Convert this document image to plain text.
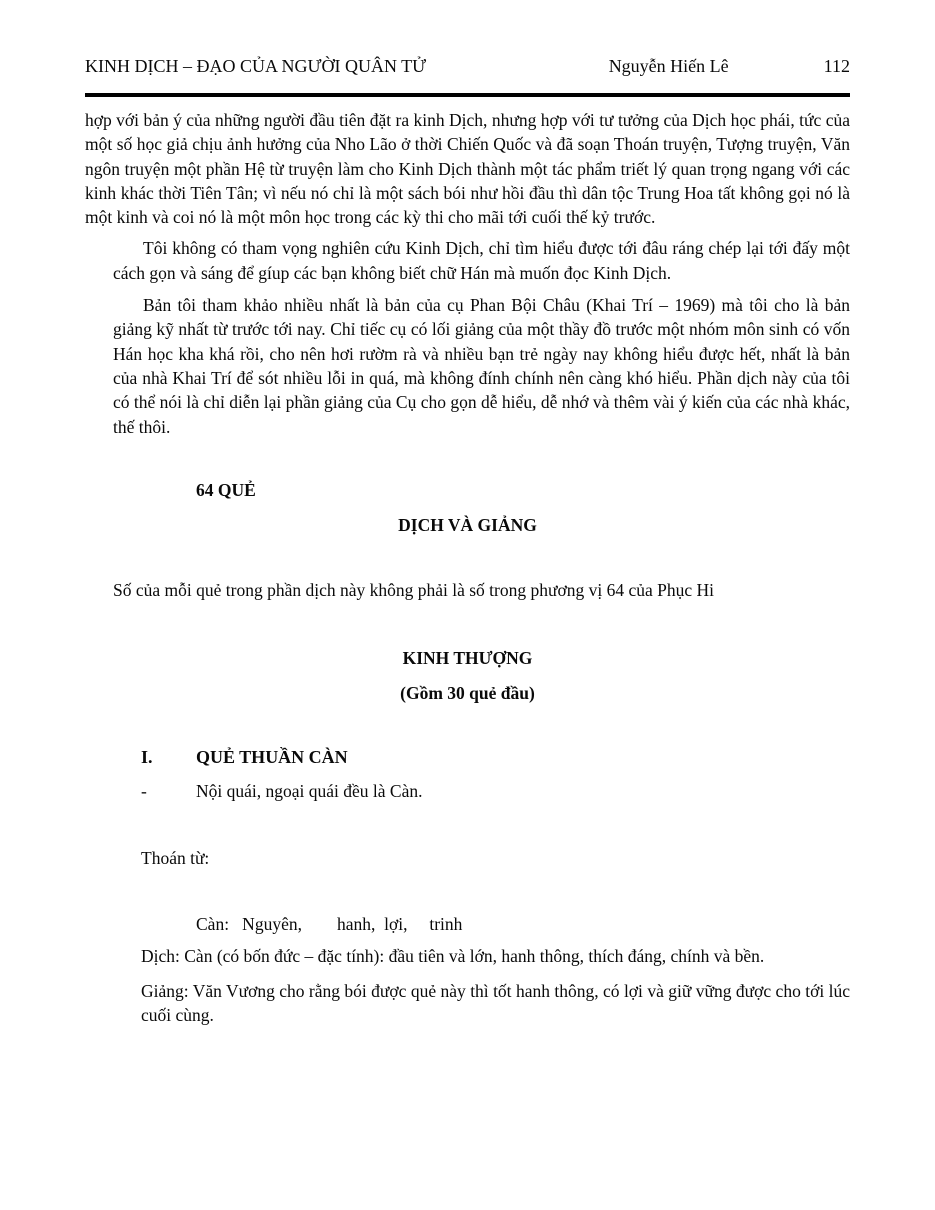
KINH DỊCH – ĐẠO CỦA NGƯỜI QUÂN TỬ	Nguyễn Hiến Lê	112

hợp với bản ý của những người đầu tiên đặt ra kinh Dịch, nhưng hợp với tư tưởng của Dịch học phái, tức của một số học giả chịu ảnh hưởng của Nho Lão ở thời Chiến Quốc và đã soạn Thoán truyện, Tượng truyện, Văn ngôn truyện một phần Hệ từ truyện làm cho Kinh Dịch thành một tác phẩm triết lý quan trọng ngang với các kinh khác thời Tiên Tân; vì nếu nó chỉ là một sách bói như hồi đầu thì dân tộc Trung Hoa tất không gọi nó là một kinh và coi nó là một môn học trong các kỳ thi cho mãi tới cuối thế kỷ trước.

Tôi không có tham vọng nghiên cứu Kinh Dịch, chỉ tìm hiểu được tới đâu ráng chép lại tới đấy một cách gọn và sáng để gíup các bạn không biết chữ Hán mà muốn đọc Kinh Dịch.

Bản tôi tham khảo nhiều nhất là bản của cụ Phan Bội Châu (Khai Trí – 1969) mà tôi cho là bản giảng kỹ nhất từ trước tới nay. Chỉ tiếc cụ có lối giảng của một thầy đồ trước một nhóm môn sinh có vốn Hán học kha khá rồi, cho nên hơi rườm rà và nhiều bạn trẻ ngày nay không hiểu được hết, nhất là bản của nhà Khai Trí để sót nhiều lỗi in quá, mà không đính chính nên càng khó hiểu. Phần dịch này của tôi có thể nói là chỉ diễn lại phần giảng của Cụ cho gọn dễ hiểu, dễ nhớ và thêm vài ý kiến của các nhà khác, thế thôi.

64 QUẺ

DỊCH VÀ GIẢNG

Số của mỗi quẻ trong phần dịch này không phải là số trong phương vị 64 của Phục Hi

KINH THƯỢNG

(Gồm 30 quẻ đầu)

I.	QUẺ THUẦN CÀN
-	Nội quái, ngoại quái đều là Càn.

Thoán từ:

Càn:   Nguyên,        hanh,  lợi,     trinh

Dịch: Càn (có bốn đức – đặc tính): đầu tiên và lớn, hanh thông, thích đáng, chính và bền.

Giảng: Văn Vương cho rằng bói được quẻ này thì tốt hanh thông, có lợi và giữ vững được cho tới lúc cuối cùng.
